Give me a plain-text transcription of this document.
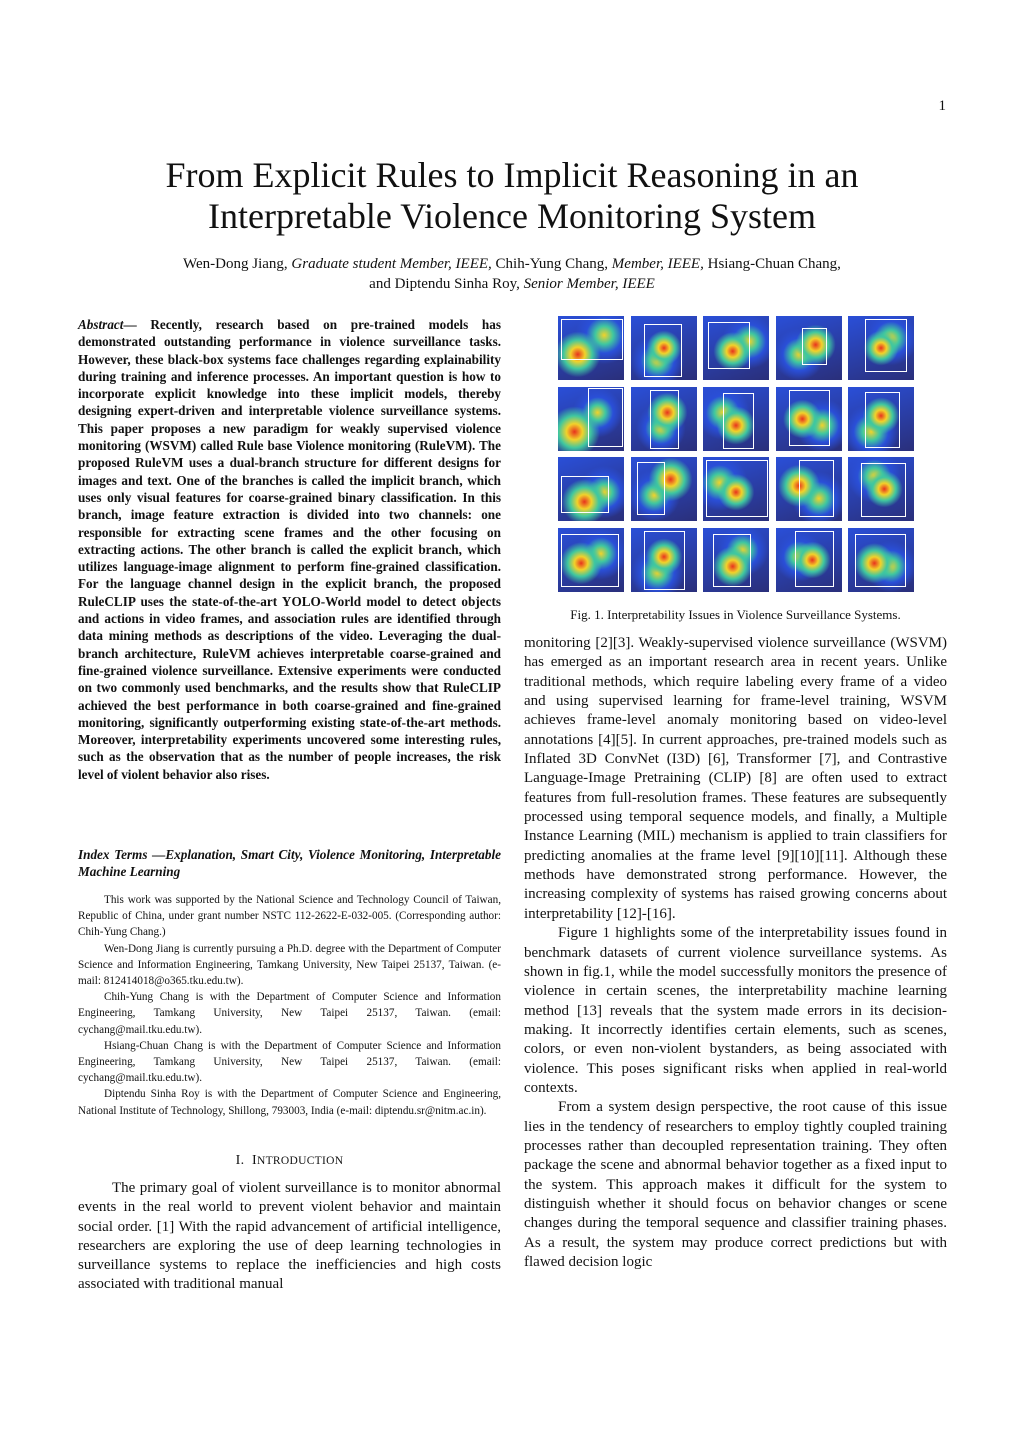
1
From Explicit Rules to Implicit Reasoning in an
Interpretable Violence Monitoring System
Wen-Dong Jiang, Graduate student Member, IEEE, Chih-Yung Chang, Member, IEEE, Hsiang-Chuan Chang,
and Diptendu Sinha Roy, Senior Member, IEEE
Abstract— Recently, research based on pre-trained models has demonstrated outstanding performance in violence surveillance tasks. However, these black-box systems face challenges regarding explainability during training and inference processes. An important question is how to incorporate explicit knowledge into these implicit models, thereby designing expert-driven and interpretable violence surveillance systems. This paper proposes a new paradigm for weakly supervised violence monitoring (WSVM) called Rule base Violence monitoring (RuleVM). The proposed RuleVM uses a dual-branch structure for different designs for images and text. One of the branches is called the implicit branch, which uses only visual features for coarse-grained binary classification. In this branch, image feature extraction is divided into two channels: one responsible for extracting scene frames and the other focusing on extracting actions. The other branch is called the explicit branch, which utilizes language-image alignment to perform fine-grained classification. For the language channel design in the explicit branch, the proposed RuleCLIP uses the state-of-the-art YOLO-World model to detect objects and actions in video frames, and association rules are identified through data mining methods as descriptions of the video. Leveraging the dual-branch architecture, RuleVM achieves interpretable coarse-grained and fine-grained violence surveillance. Extensive experiments were conducted on two commonly used benchmarks, and the results show that RuleCLIP achieved the best performance in both coarse-grained and fine-grained monitoring, significantly outperforming existing state-of-the-art methods. Moreover, interpretability experiments uncovered some interesting rules, such as the observation that as the number of people increases, the risk level of violent behavior also rises.
Index Terms —Explanation, Smart City, Violence Monitoring, Interpretable Machine Learning

This work was supported by the National Science and Technology Council of Taiwan, Republic of China, under grant number NSTC 112-2622-E-032-005. (Corresponding author: Chih-Yung Chang.)

Wen-Dong Jiang is currently pursuing a Ph.D. degree with the Department of Computer Science and Information Engineering, Tamkang University, New Taipei 25137, Taiwan. (e-mail: 812414018@o365.tku.edu.tw).

Chih-Yung Chang is with the Department of Computer Science and Information Engineering, Tamkang University, New Taipei 25137, Taiwan. (email: cychang@mail.tku.edu.tw).

Hsiang-Chuan Chang is with the Department of Computer Science and Information Engineering, Tamkang University, New Taipei 25137, Taiwan. (email: cychang@mail.tku.edu.tw).

Diptendu Sinha Roy is with the Department of Computer Science and Engineering, National Institute of Technology, Shillong, 793003, India (e-mail: diptendu.sr@nitm.ac.in).

I. INTRODUCTION
The primary goal of violent surveillance is to monitor abnormal events in the real world to prevent violent behavior and maintain social order. [1] With the rapid advancement of artificial intelligence, researchers are exploring the use of deep learning technologies in surveillance systems to replace the inefficiencies and high costs associated with traditional manual
Fig. 1. Interpretability Issues in Violence Surveillance Systems.

monitoring [2][3]. Weakly-supervised violence surveillance (WSVM) has emerged as an important research area in recent years. Unlike traditional methods, which require labeling every frame of a video and using supervised learning for frame-level training, WSVM achieves frame-level anomaly monitoring based on video-level annotations [4][5]. In current approaches, pre-trained models such as Inflated 3D ConvNet (I3D) [6], Transformer [7], and Contrastive Language-Image Pretraining (CLIP) [8] are often used to extract features from full-resolution frames. These features are subsequently processed using temporal sequence models, and finally, a Multiple Instance Learning (MIL) mechanism is applied to train classifiers for predicting anomalies at the frame level [9][10][11]. Although these methods have demonstrated strong performance. However, the increasing complexity of systems has raised growing concerns about interpretability [12]-[16].

Figure 1 highlights some of the interpretability issues found in benchmark datasets of current violence surveillance systems. As shown in fig.1, while the model successfully monitors the presence of violence in certain scenes, the interpretability machine learning method [13] reveals that the system made errors in its decision-making. It incorrectly identifies certain elements, such as scenes, colors, or even non-violent bystanders, as being associated with violence. This poses significant risks when applied in real-world contexts.

From a system design perspective, the root cause of this issue lies in the tendency of researchers to employ tightly coupled training processes rather than decoupled representation training. They often package the scene and abnormal behavior together as a fixed input to the system. This approach makes it difficult for the system to distinguish whether it should focus on behavior changes or scene changes during the temporal sequence and classifier training phases. As a result, the system may produce correct predictions but with flawed decision logic
